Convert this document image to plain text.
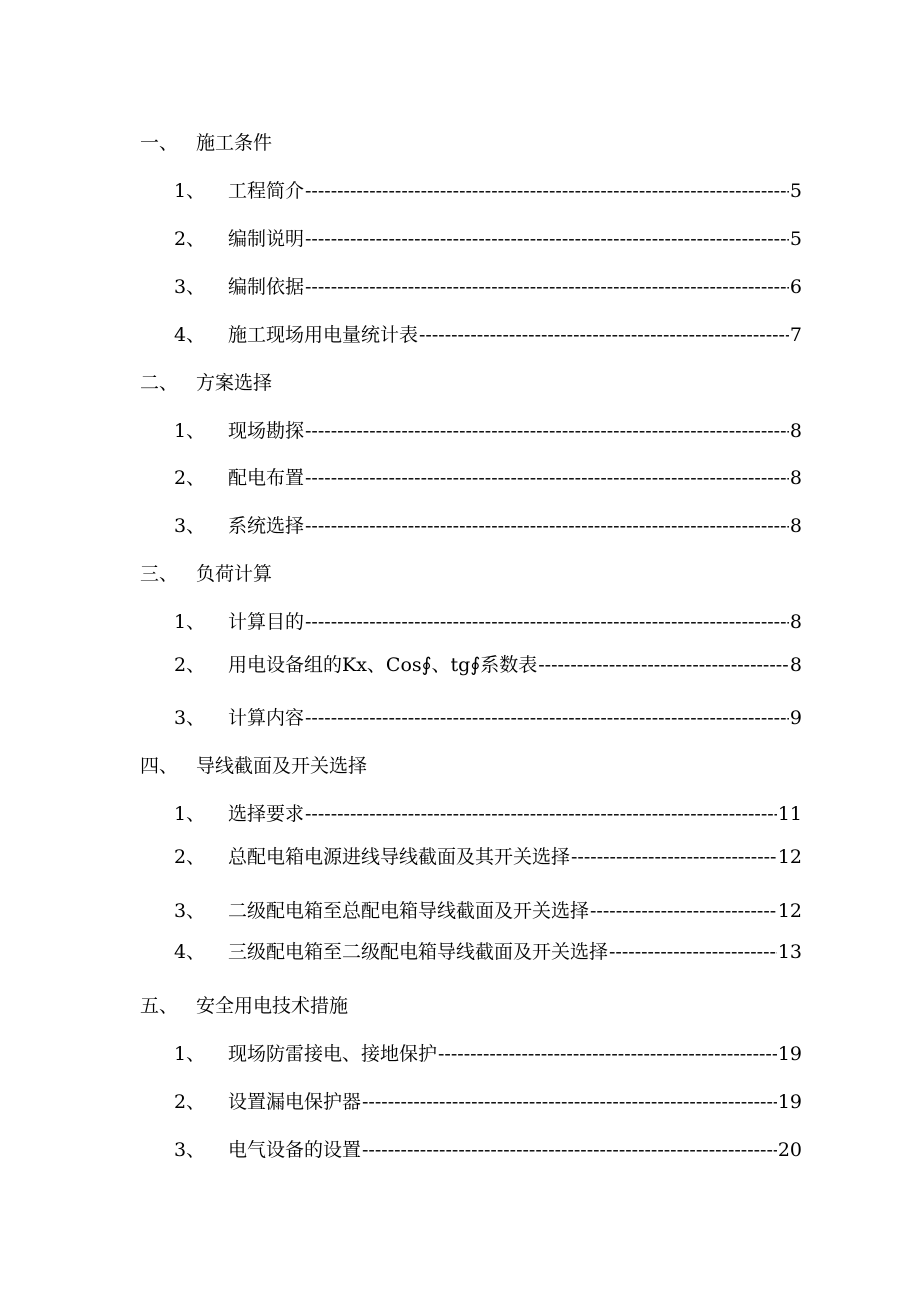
一、 施工条件
1、	工程简介 -----	5
2、	编制说明 -----	5
3、	编制依据 -----	6
4、	施工现场用电量统计表 -----	7
二、 方案选择
1、	现场勘探 -----	8
2、	配电布置 -----	8
3、	系统选择 -----	8
三、 负荷计算
1、	计算目的 -----	8
2、	用电设备组的Kx、Cos∮、tg∮系数表 -----	8
3、	计算内容 -----	9
四、 导线截面及开关选择
1、	选择要求 -----	11
2、	总配电箱电源进线导线截面及其开关选择 -----	12
3、	二级配电箱至总配电箱导线截面及开关选择 -----	12
4、	三级配电箱至二级配电箱导线截面及开关选择 -----	13
五、 安全用电技术措施
1、	现场防雷接电、接地保护 -----	19
2、	设置漏电保护器 -----	19
3、	电气设备的设置 -----	20
